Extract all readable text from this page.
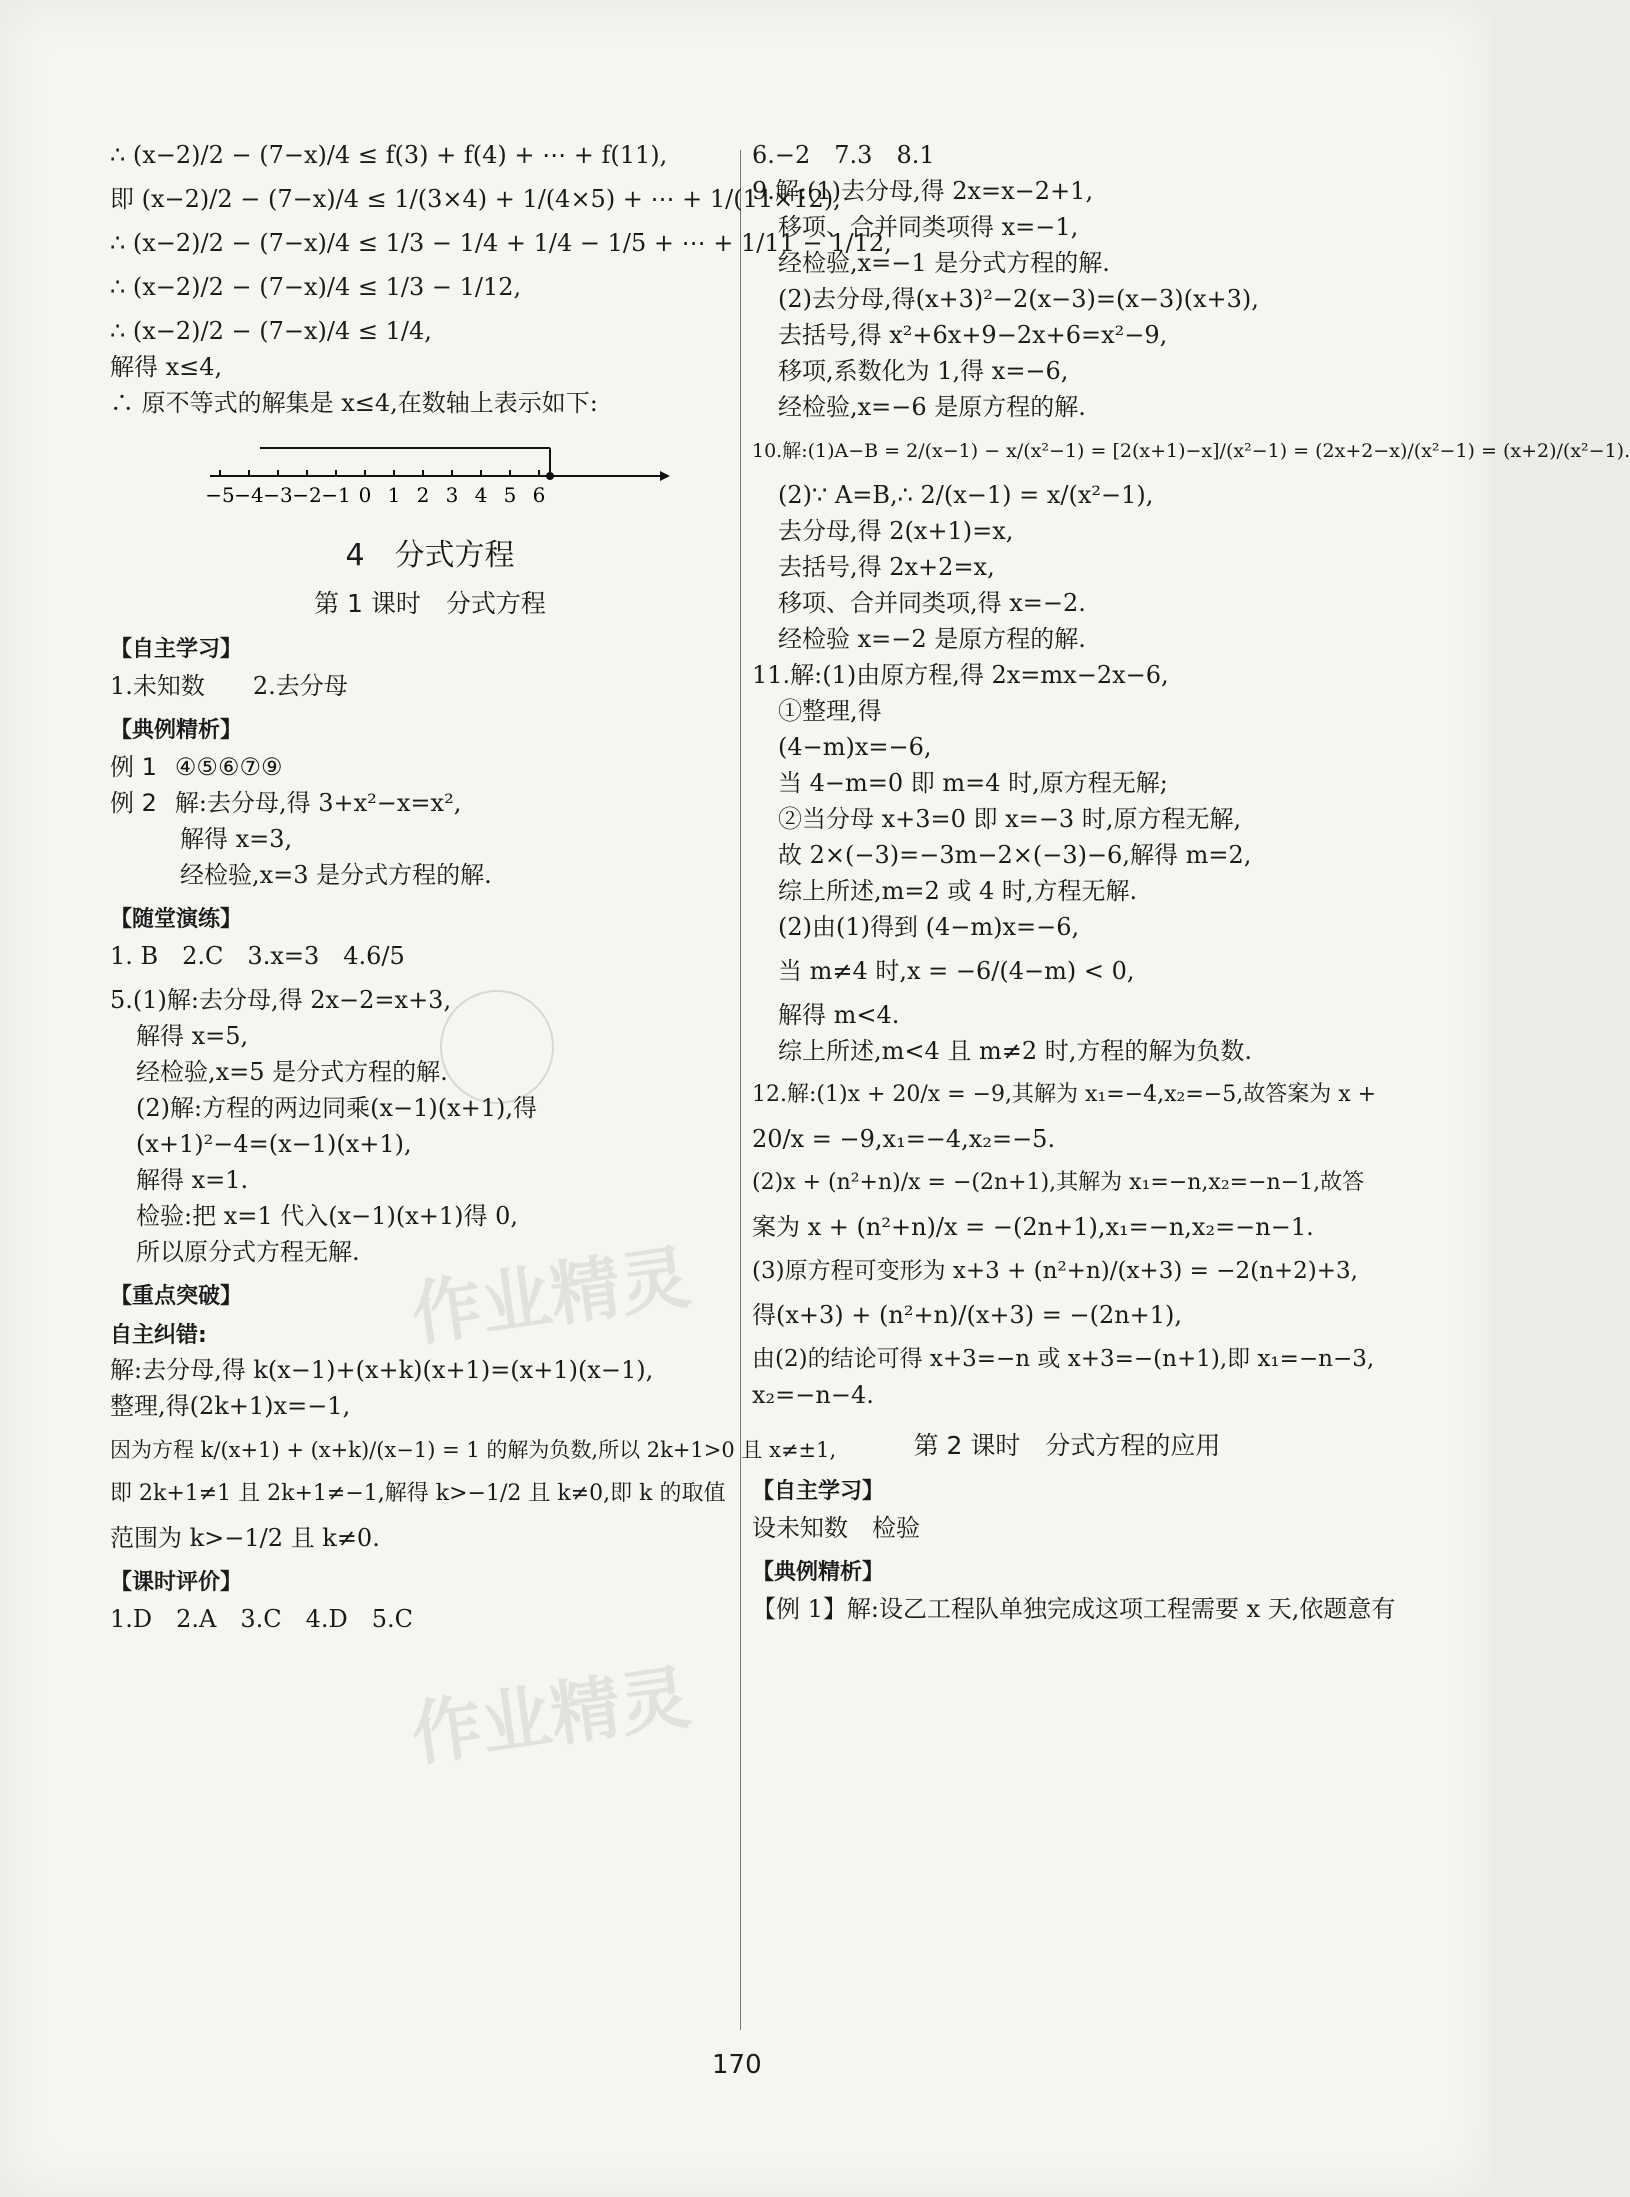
作业精灵
作业精灵

∴ (x−2)/2 − (7−x)/4 ≤ f(3) + f(4) + ⋯ + f(11),

即 (x−2)/2 − (7−x)/4 ≤ 1/(3×4) + 1/(4×5) + ⋯ + 1/(11×12),

∴ (x−2)/2 − (7−x)/4 ≤ 1/3 − 1/4 + 1/4 − 1/5 + ⋯ + 1/11 − 1/12,

∴ (x−2)/2 − (7−x)/4 ≤ 1/3 − 1/12,

∴ (x−2)/2 − (7−x)/4 ≤ 1/4,

解得 x≤4,

∴ 原不等式的解集是 x≤4,在数轴上表示如下:

−5 −4 −3 −2 −1 0 1 2 3 4 5 6
4　分式方程
第 1 课时　分式方程
【自主学习】

1.未知数　　2.去分母

【典例精析】

例 1 ④⑤⑥⑦⑨

例 2 解:去分母,得 3+x²−x=x²,

解得 x=3,

经检验,x=3 是分式方程的解.

【随堂演练】

1. B　2.C　3.x=3　4.6/5

5.(1)解:去分母,得 2x−2=x+3,

解得 x=5,

经检验,x=5 是分式方程的解.

(2)解:方程的两边同乘(x−1)(x+1),得

(x+1)²−4=(x−1)(x+1),

解得 x=1.

检验:把 x=1 代入(x−1)(x+1)得 0,

所以原分式方程无解.

【重点突破】
自主纠错:

解:去分母,得 k(x−1)+(x+k)(x+1)=(x+1)(x−1),

整理,得(2k+1)x=−1,

因为方程 k/(x+1) + (x+k)/(x−1) = 1 的解为负数,所以 2k+1>0 且 x≠±1,

即 2k+1≠1 且 2k+1≠−1,解得 k>−1/2 且 k≠0,即 k 的取值

范围为 k>−1/2 且 k≠0.

【课时评价】

1.D　2.A　3.C　4.D　5.C

6.−2　7.3　8.1

9.解:(1)去分母,得 2x=x−2+1,

移项、合并同类项得 x=−1,

经检验,x=−1 是分式方程的解.

(2)去分母,得(x+3)²−2(x−3)=(x−3)(x+3),

去括号,得 x²+6x+9−2x+6=x²−9,

移项,系数化为 1,得 x=−6,

经检验,x=−6 是原方程的解.

10.解:(1)A−B = 2/(x−1) − x/(x²−1) = [2(x+1)−x]/(x²−1) = (2x+2−x)/(x²−1) = (x+2)/(x²−1).

(2)∵ A=B,∴ 2/(x−1) = x/(x²−1),

去分母,得 2(x+1)=x,

去括号,得 2x+2=x,

移项、合并同类项,得 x=−2.

经检验 x=−2 是原方程的解.

11.解:(1)由原方程,得 2x=mx−2x−6,

①整理,得

(4−m)x=−6,

当 4−m=0 即 m=4 时,原方程无解;

②当分母 x+3=0 即 x=−3 时,原方程无解,

故 2×(−3)=−3m−2×(−3)−6,解得 m=2,

综上所述,m=2 或 4 时,方程无解.

(2)由(1)得到 (4−m)x=−6,

当 m≠4 时,x = −6/(4−m) < 0,

解得 m<4.

综上所述,m<4 且 m≠2 时,方程的解为负数.

12.解:(1)x + 20/x = −9,其解为 x₁=−4,x₂=−5,故答案为 x +

20/x = −9,x₁=−4,x₂=−5.

(2)x + (n²+n)/x = −(2n+1),其解为 x₁=−n,x₂=−n−1,故答

案为 x + (n²+n)/x = −(2n+1),x₁=−n,x₂=−n−1.

(3)原方程可变形为 x+3 + (n²+n)/(x+3) = −2(n+2)+3,

得(x+3) + (n²+n)/(x+3) = −(2n+1),

由(2)的结论可得 x+3=−n 或 x+3=−(n+1),即 x₁=−n−3,

x₂=−n−4.

第 2 课时　分式方程的应用
【自主学习】

设未知数　检验

【典例精析】

【例 1】解:设乙工程队单独完成这项工程需要 x 天,依题意有

170
